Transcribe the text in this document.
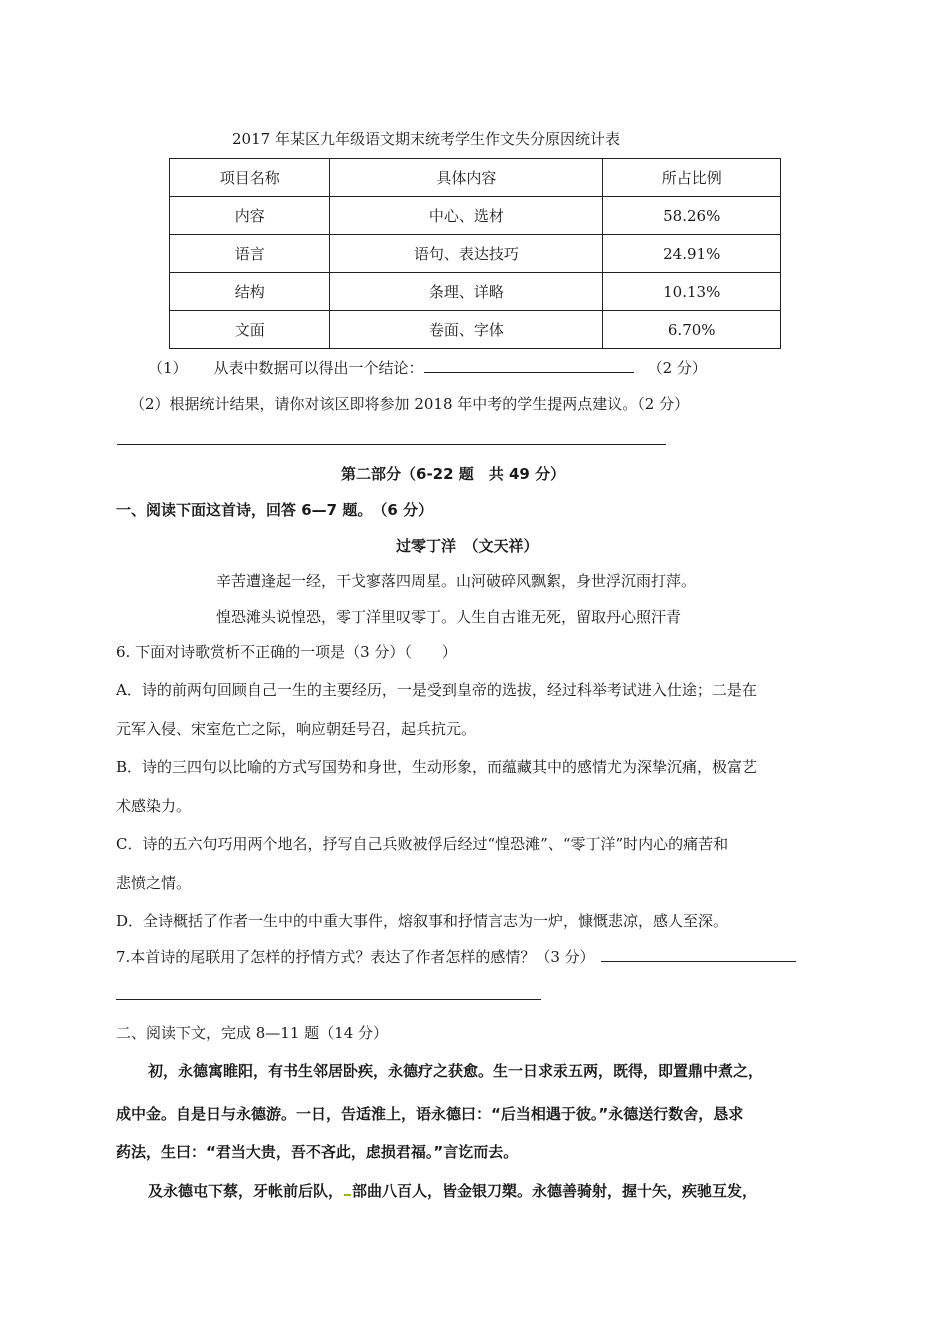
2017 年某区九年级语文期末统考学生作文失分原因统计表
项目名称	具体内容	所占比例
内容	中心、选材	58.26%
语言	语句、表达技巧	24.91%
结构	条理、详略	10.13%
文面	卷面、字体	6.70%
（1） 从表中数据可以得出一个结论：	（2 分）
（2）根据统计结果，请你对该区即将参加 2018 年中考的学生提两点建议。（2 分）
第二部分（6-22 题　共 49 分）
一、阅读下面这首诗，回答 6—7 题。　（6 分）
过零丁洋　（文天祥）
辛苦遭逢起一经，干戈寥落四周星。山河破碎风飘絮，身世浮沉雨打萍。
惶恐滩头说惶恐，零丁洋里叹零丁。人生自古谁无死，留取丹心照汗青
6. 下面对诗歌赏析不正确的一项是（3 分）（　　）
A．诗的前两句回顾自己一生的主要经历，一是受到皇帝的选拔，经过科举考试进入仕途；二是在
元军入侵、宋室危亡之际，响应朝廷号召，起兵抗元。
B．诗的三四句以比喻的方式写国势和身世，生动形象，而蕴藏其中的感情尤为深挚沉痛，极富艺
术感染力。
C．诗的五六句巧用两个地名，抒写自己兵败被俘后经过“惶恐滩”、“零丁洋”时内心的痛苦和
悲愤之情。
D．全诗概括了作者一生中的中重大事件，熔叙事和抒情言志为一炉，慷慨悲凉，感人至深。
7.本首诗的尾联用了怎样的抒情方式？表达了作者怎样的感情？（3 分）
二、阅读下文，完成 8—11 题（14 分）
初，永德寓睢阳，有书生邻居卧疾，永德疗之获愈。生一日求汞五两，既得，即置鼎中煮之，
成中金。自是日与永德游。一日，告适淮上，语永德曰：“后当相遇于彼。”永德送行数舍，恳求
药法，生曰：“君当大贵，吾不吝此，虑损君福。”言讫而去。
及永德屯下蔡，牙帐前后队， 部曲八百人，皆金银刀槊。永德善骑射，握十矢，疾驰互发，
